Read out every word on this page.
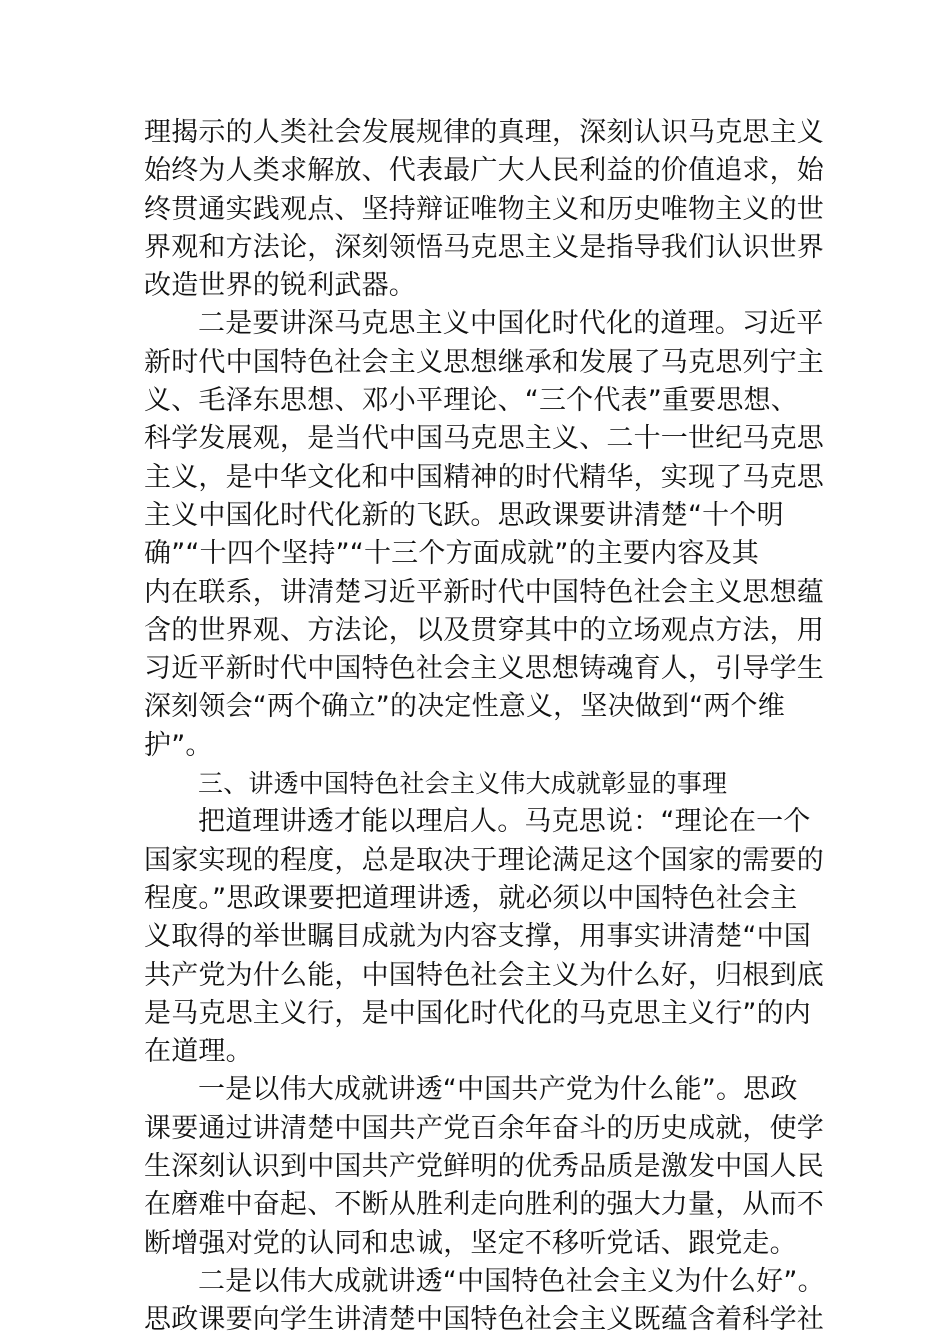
理揭示的人类社会发展规律的真理，深刻认识马克思主义
始终为人类求解放、代表最广大人民利益的价值追求，始
终贯通实践观点、坚持辩证唯物主义和历史唯物主义的世
界观和方法论，深刻领悟马克思主义是指导我们认识世界
改造世界的锐利武器。
二是要讲深马克思主义中国化时代化的道理。习近平
新时代中国特色社会主义思想继承和发展了马克思列宁主
义、毛泽东思想、邓小平理论、“三个代表”重要思想、
科学发展观，是当代中国马克思主义、二十一世纪马克思
主义，是中华文化和中国精神的时代精华，实现了马克思
主义中国化时代化新的飞跃。思政课要讲清楚“十个明
确”“十四个坚持”“十三个方面成就”的主要内容及其
内在联系，讲清楚习近平新时代中国特色社会主义思想蕴
含的世界观、方法论，以及贯穿其中的立场观点方法，用
习近平新时代中国特色社会主义思想铸魂育人，引导学生
深刻领会“两个确立”的决定性意义，坚决做到“两个维
护”。
三、讲透中国特色社会主义伟大成就彰显的事理
把道理讲透才能以理启人。马克思说：“理论在一个
国家实现的程度，总是取决于理论满足这个国家的需要的
程度。”思政课要把道理讲透，就必须以中国特色社会主
义取得的举世瞩目成就为内容支撑，用事实讲清楚“中国
共产党为什么能，中国特色社会主义为什么好，归根到底
是马克思主义行，是中国化时代化的马克思主义行”的内
在道理。
一是以伟大成就讲透“中国共产党为什么能”。思政
课要通过讲清楚中国共产党百余年奋斗的历史成就，使学
生深刻认识到中国共产党鲜明的优秀品质是激发中国人民
在磨难中奋起、不断从胜利走向胜利的强大力量，从而不
断增强对党的认同和忠诚，坚定不移听党话、跟党走。
二是以伟大成就讲透“中国特色社会主义为什么好”。
思政课要向学生讲清楚中国特色社会主义既蕴含着科学社
